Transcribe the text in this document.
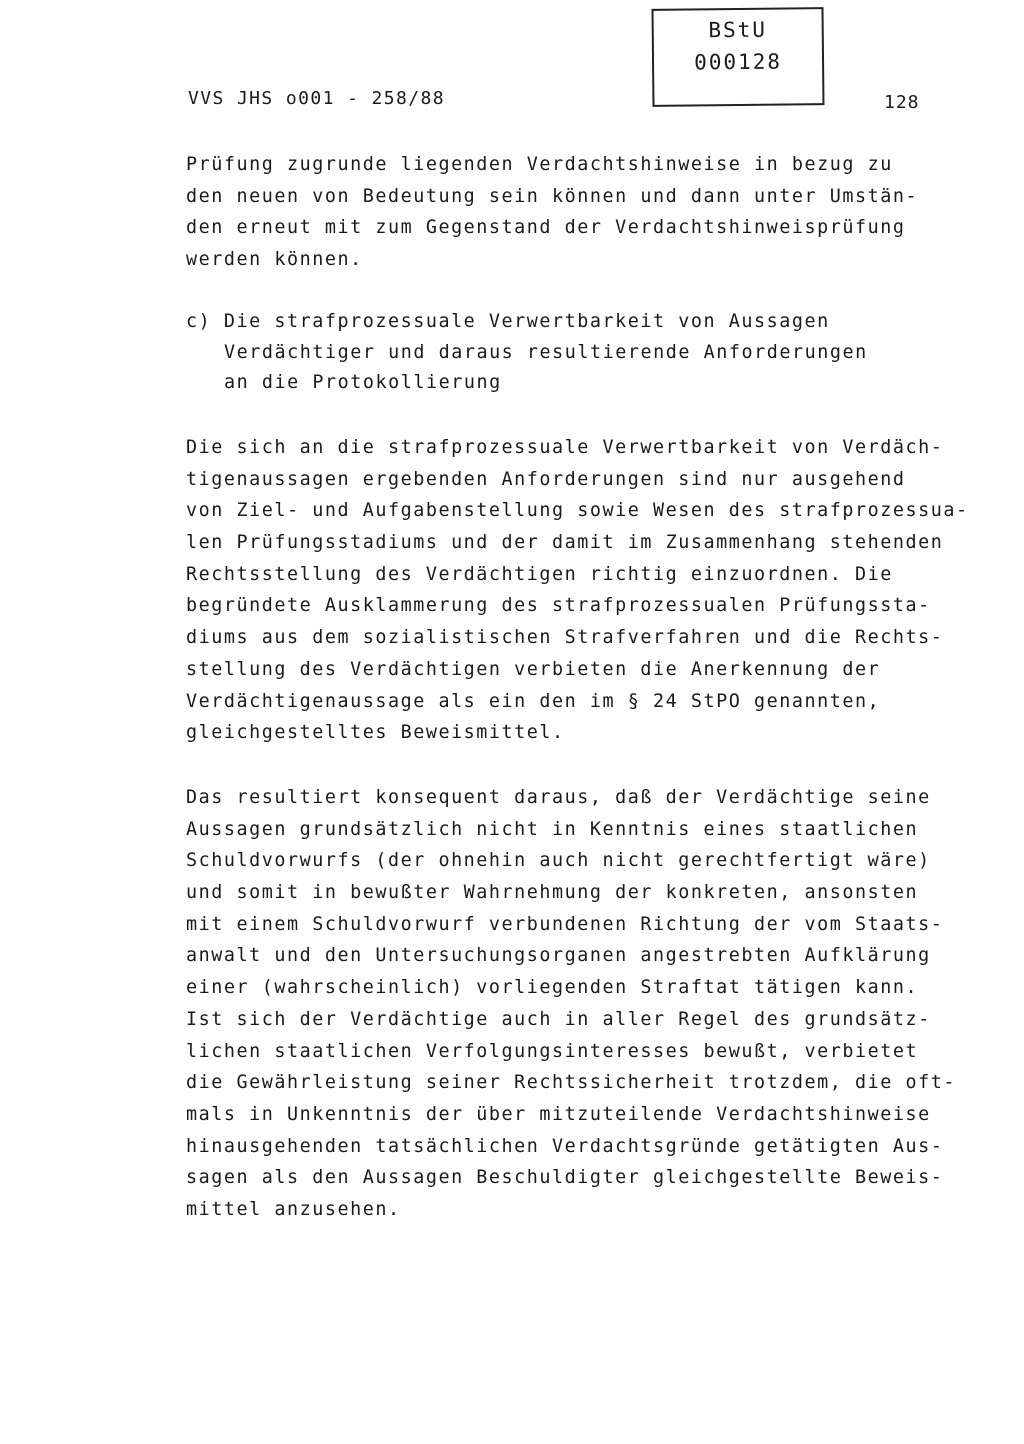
VVS JHS o001 - 258/88
BStU
000128
128
Prüfung zugrunde liegenden Verdachtshinweise in bezug zu
den neuen von Bedeutung sein können und dann unter Umstän-
den erneut mit zum Gegenstand der Verdachtshinweisprüfung
werden können.
c) Die strafprozessuale Verwertbarkeit von Aussagen
Verdächtiger und daraus resultierende Anforderungen
an die Protokollierung
Die sich an die strafprozessuale Verwertbarkeit von Verdäch-
tigenaussagen ergebenden Anforderungen sind nur ausgehend
von Ziel- und Aufgabenstellung sowie Wesen des strafprozessua-
len Prüfungsstadiums und der damit im Zusammenhang stehenden
Rechtsstellung des Verdächtigen richtig einzuordnen. Die
begründete Ausklammerung des strafprozessualen Prüfungssta-
diums aus dem sozialistischen Strafverfahren und die Rechts-
stellung des Verdächtigen verbieten die Anerkennung der
Verdächtigenaussage als ein den im § 24 StPO genannten,
gleichgestelltes Beweismittel.
Das resultiert konsequent daraus, daß der Verdächtige seine
Aussagen grundsätzlich nicht in Kenntnis eines staatlichen
Schuldvorwurfs (der ohnehin auch nicht gerechtfertigt wäre)
und somit in bewußter Wahrnehmung der konkreten, ansonsten
mit einem Schuldvorwurf verbundenen Richtung der vom Staats-
anwalt und den Untersuchungsorganen angestrebten Aufklärung
einer (wahrscheinlich) vorliegenden Straftat tätigen kann.
Ist sich der Verdächtige auch in aller Regel des grundsätz-
lichen staatlichen Verfolgungsinteresses bewußt, verbietet
die Gewährleistung seiner Rechtssicherheit trotzdem, die oft-
mals in Unkenntnis der über mitzuteilende Verdachtshinweise
hinausgehenden tatsächlichen Verdachtsgründe getätigten Aus-
sagen als den Aussagen Beschuldigter gleichgestellte Beweis-
mittel anzusehen.
